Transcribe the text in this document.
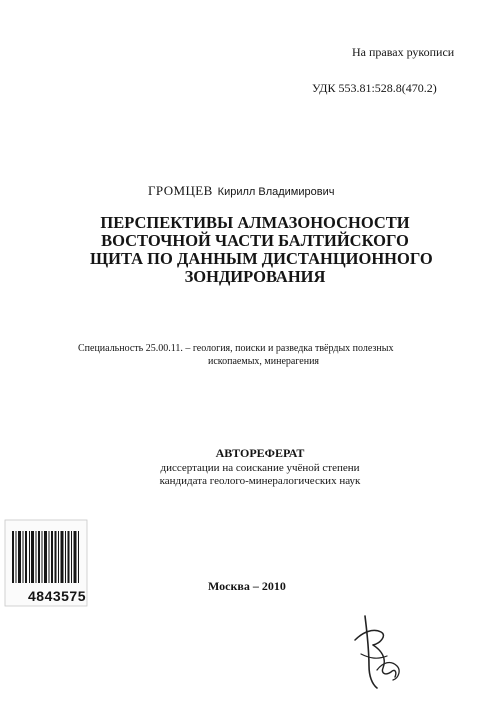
На правах рукописи
УДК 553.81:528.8(470.2)
ГРОМЦЕВ Кирилл Владимирович
ПЕРСПЕКТИВЫ АЛМАЗОНОСНОСТИ
ВОСТОЧНОЙ ЧАСТИ БАЛТИЙСКОГО
ЩИТА ПО ДАННЫМ ДИСТАНЦИОННОГО
ЗОНДИРОВАНИЯ
Специальность 25.00.11. – геология, поиски и разведка твёрдых полезных
ископаемых, минерагения
АВТОРЕФЕРАТ
диссертации на соискание учёной степени
кандидата геолого-минералогических наук
Москва – 2010
4843575
